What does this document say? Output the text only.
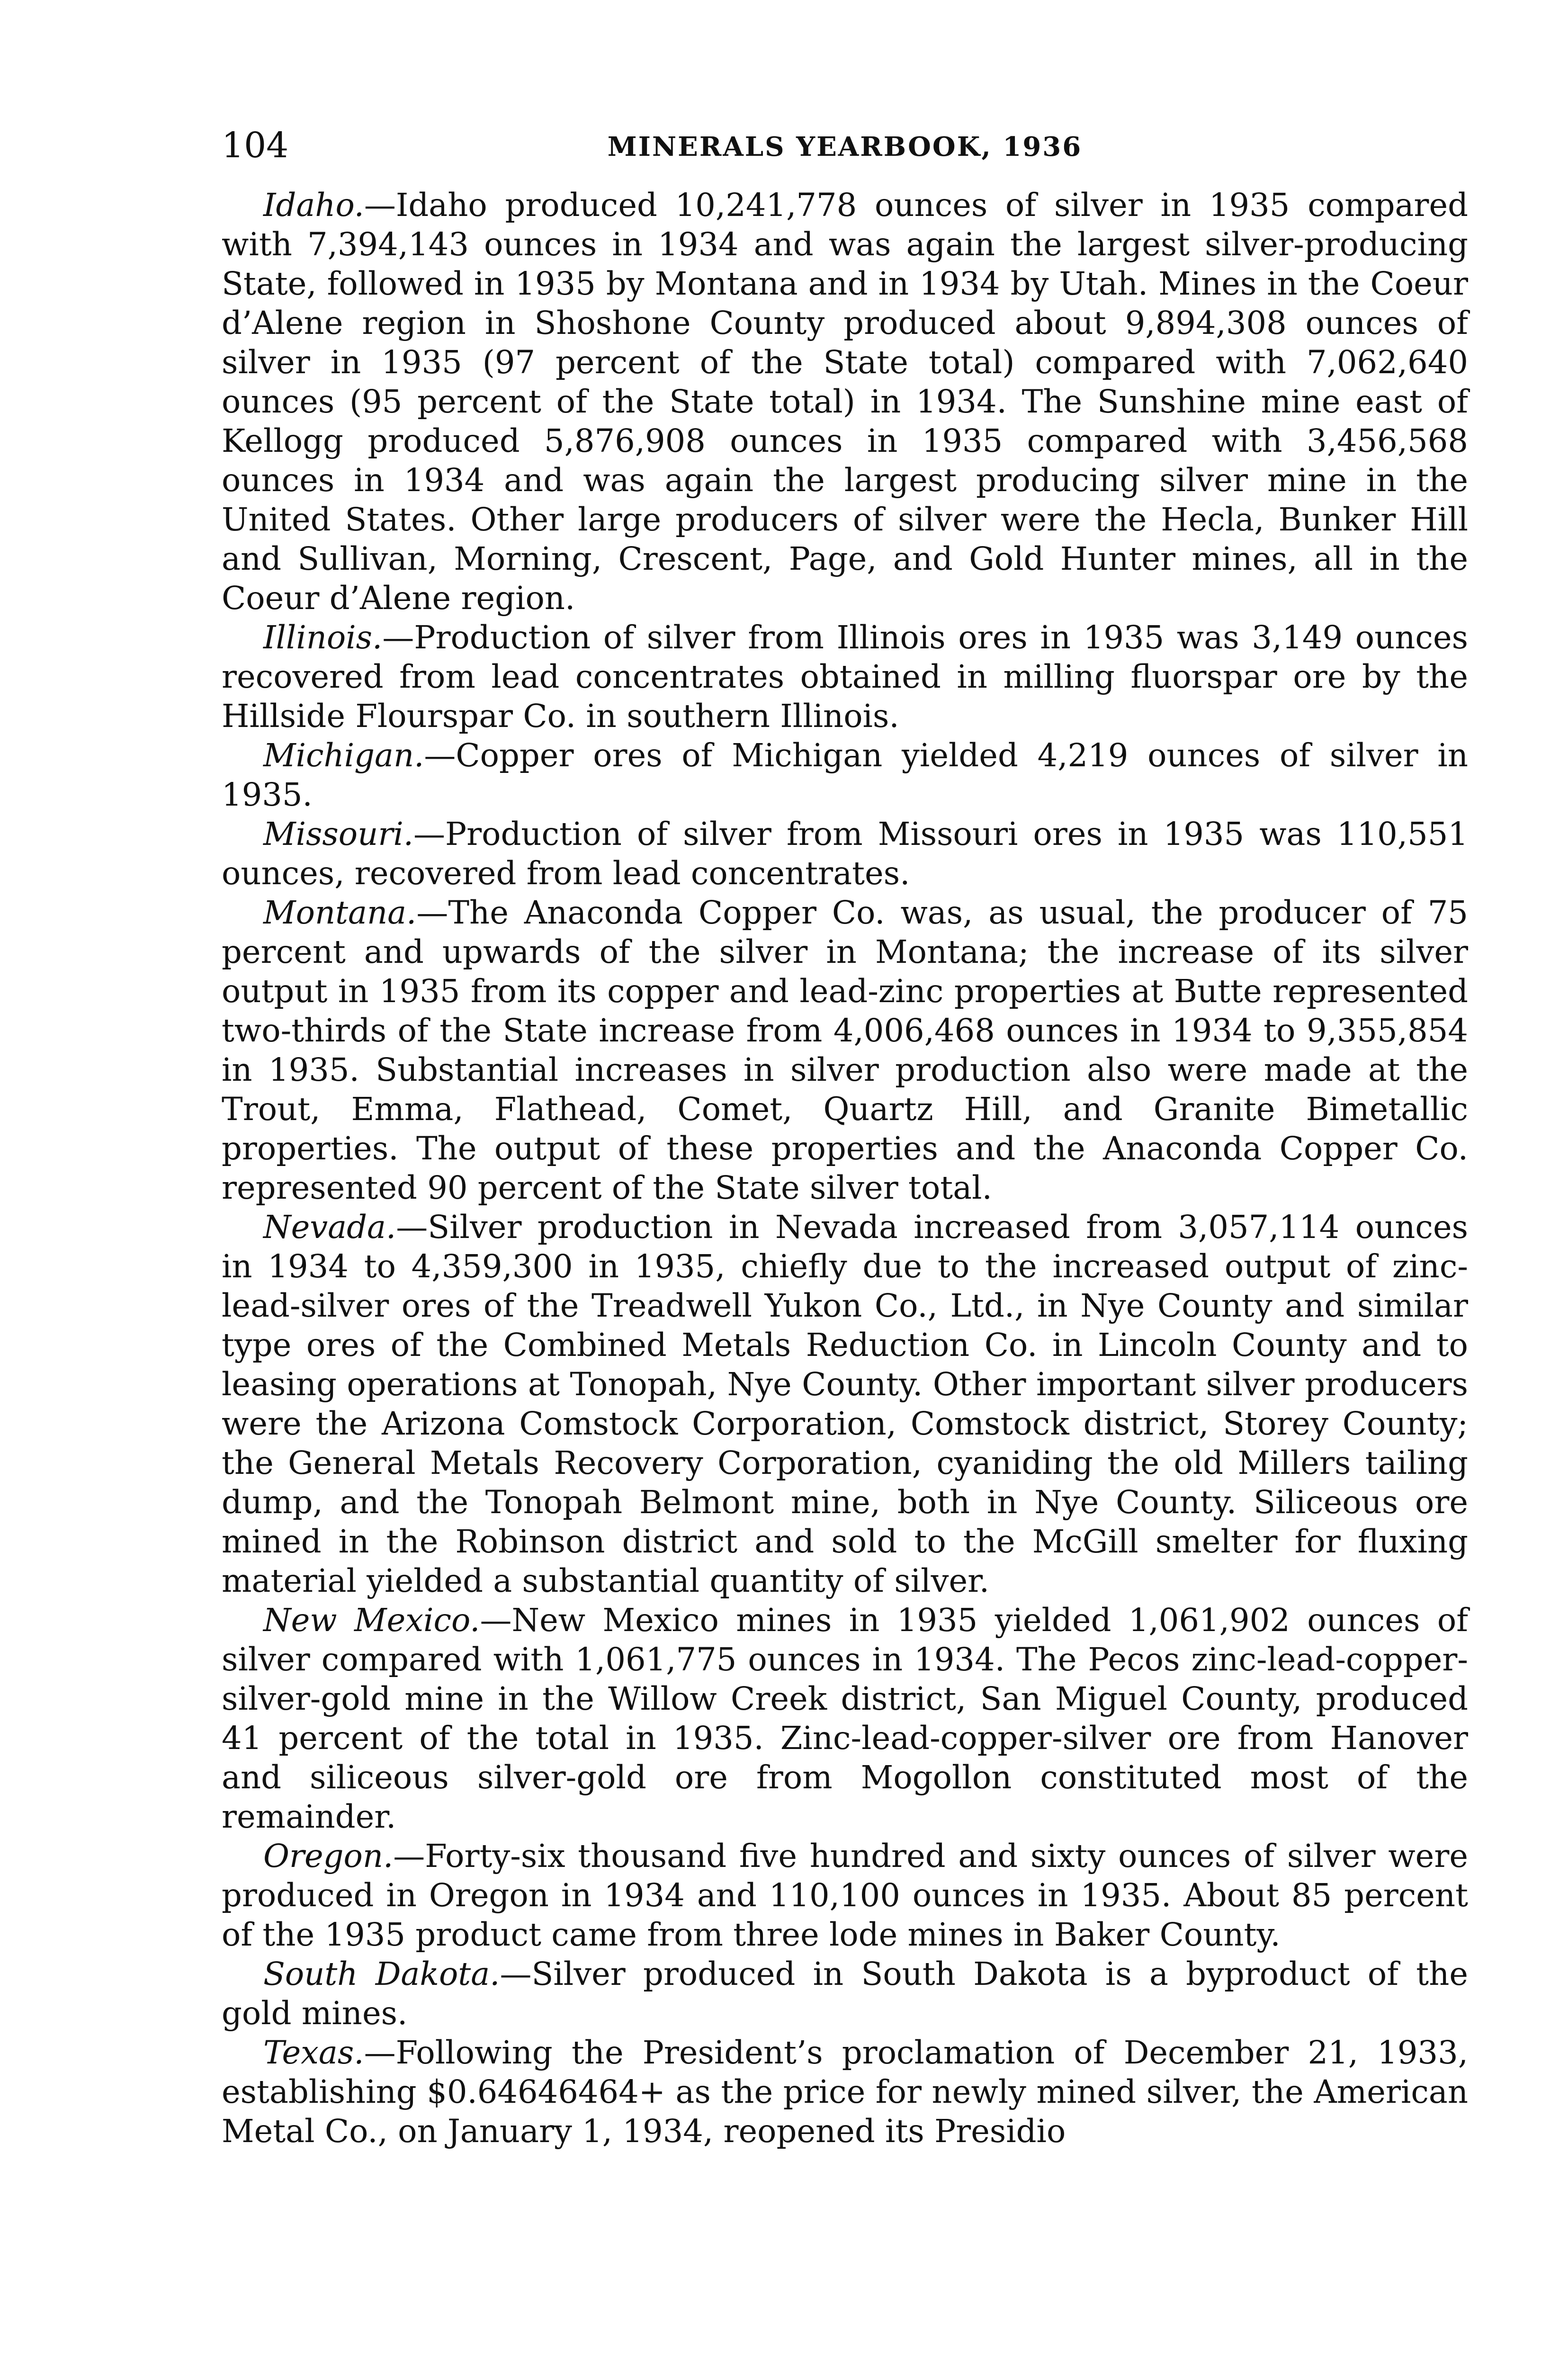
104	MINERALS YEARBOOK, 1936

Idaho.—Idaho produced 10,241,778 ounces of silver in 1935 compared with 7,394,143 ounces in 1934 and was again the largest silver-producing State, followed in 1935 by Montana and in 1934 by Utah. Mines in the Coeur d’Alene region in Shoshone County produced about 9,894,308 ounces of silver in 1935 (97 percent of the State total) compared with 7,062,640 ounces (95 percent of the State total) in 1934. The Sunshine mine east of Kellogg produced 5,876,908 ounces in 1935 compared with 3,456,568 ounces in 1934 and was again the largest producing silver mine in the United States. Other large producers of silver were the Hecla, Bunker Hill and Sullivan, Morning, Crescent, Page, and Gold Hunter mines, all in the Coeur d’Alene region.

Illinois.—Production of silver from Illinois ores in 1935 was 3,149 ounces recovered from lead concentrates obtained in milling fluorspar ore by the Hillside Flourspar Co. in southern Illinois.

Michigan.—Copper ores of Michigan yielded 4,219 ounces of silver in 1935.

Missouri.—Production of silver from Missouri ores in 1935 was 110,551 ounces, recovered from lead concentrates.

Montana.—The Anaconda Copper Co. was, as usual, the producer of 75 percent and upwards of the silver in Montana; the increase of its silver output in 1935 from its copper and lead-zinc properties at Butte represented two-thirds of the State increase from 4,006,468 ounces in 1934 to 9,355,854 in 1935. Substantial increases in silver production also were made at the Trout, Emma, Flathead, Comet, Quartz Hill, and Granite Bimetallic properties. The output of these properties and the Anaconda Copper Co. represented 90 percent of the State silver total.

Nevada.—Silver production in Nevada increased from 3,057,114 ounces in 1934 to 4,359,300 in 1935, chiefly due to the increased output of zinc-lead-silver ores of the Treadwell Yukon Co., Ltd., in Nye County and similar type ores of the Combined Metals Reduction Co. in Lincoln County and to leasing operations at Tonopah, Nye County. Other important silver producers were the Arizona Comstock Corporation, Comstock district, Storey County; the General Metals Recovery Corporation, cyaniding the old Millers tailing dump, and the Tonopah Belmont mine, both in Nye County. Siliceous ore mined in the Robinson district and sold to the McGill smelter for fluxing material yielded a substantial quantity of silver.

New Mexico.—New Mexico mines in 1935 yielded 1,061,902 ounces of silver compared with 1,061,775 ounces in 1934. The Pecos zinc-lead-copper-silver-gold mine in the Willow Creek district, San Miguel County, produced 41 percent of the total in 1935. Zinc-lead-copper-silver ore from Hanover and siliceous silver-gold ore from Mogollon constituted most of the remainder.

Oregon.—Forty-six thousand five hundred and sixty ounces of silver were produced in Oregon in 1934 and 110,100 ounces in 1935. About 85 percent of the 1935 product came from three lode mines in Baker County.

South Dakota.—Silver produced in South Dakota is a byproduct of the gold mines.

Texas.—Following the President’s proclamation of December 21, 1933, establishing $0.64646464+ as the price for newly mined silver, the American Metal Co., on January 1, 1934, reopened its Presidio
